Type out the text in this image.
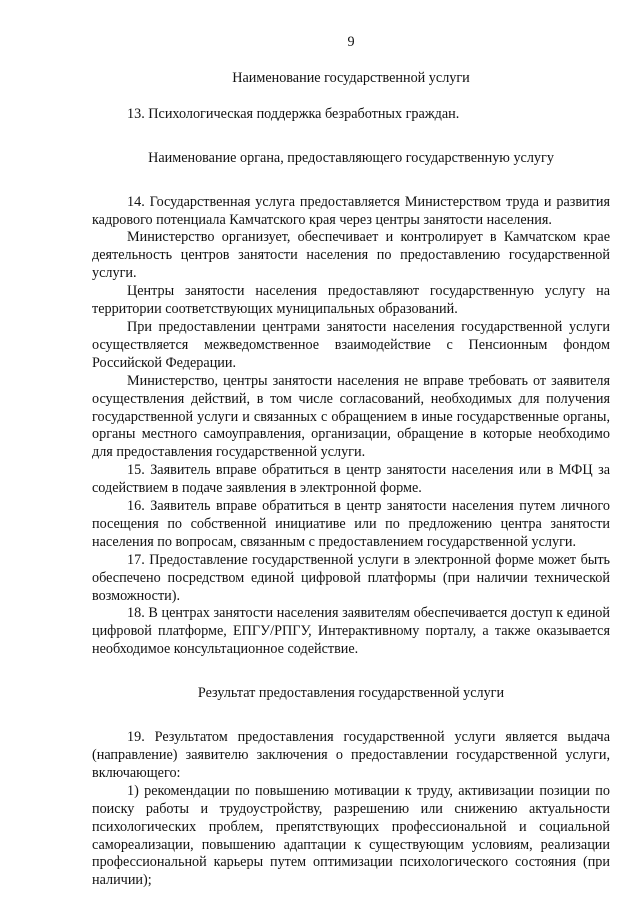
9
Наименование государственной услуги

13. Психологическая поддержка безработных граждан.

Наименование органа, предоставляющего государственную услугу

14. Государственная услуга предоставляется Министерством труда и развития кадрового потенциала Камчатского края через центры занятости населения.

Министерство организует, обеспечивает и контролирует в Камчатском крае деятельность центров занятости населения по предоставлению государственной услуги.

Центры занятости населения предоставляют государственную услугу на территории соответствующих муниципальных образований.

При предоставлении центрами занятости населения государственной услуги осуществляется межведомственное взаимодействие с Пенсионным фондом Российской Федерации.

Министерство, центры занятости населения не вправе требовать от заявителя осуществления действий, в том числе согласований, необходимых для получения государственной услуги и связанных с обращением в иные государственные органы, органы местного самоуправления, организации, обращение в которые необходимо для предоставления государственной услуги.

15. Заявитель вправе обратиться в центр занятости населения или в МФЦ за содействием в подаче заявления в электронной форме.

16. Заявитель вправе обратиться в центр занятости населения путем личного посещения по собственной инициативе или по предложению центра занятости населения по вопросам, связанным с предоставлением государственной услуги.

17. Предоставление государственной услуги в электронной форме может быть обеспечено посредством единой цифровой платформы (при наличии технической возможности).

18. В центрах занятости населения заявителям обеспечивается доступ к единой цифровой платформе, ЕПГУ/РПГУ, Интерактивному порталу, а также оказывается необходимое консультационное содействие.

Результат предоставления государственной услуги

19. Результатом предоставления государственной услуги является выдача (направление) заявителю заключения о предоставлении государственной услуги, включающего:

1) рекомендации по повышению мотивации к труду, активизации позиции по поиску работы и трудоустройству, разрешению или снижению актуальности психологических проблем, препятствующих профессиональной и социальной самореализации, повышению адаптации к существующим условиям, реализации профессиональной карьеры путем оптимизации психологического состояния (при наличии);
